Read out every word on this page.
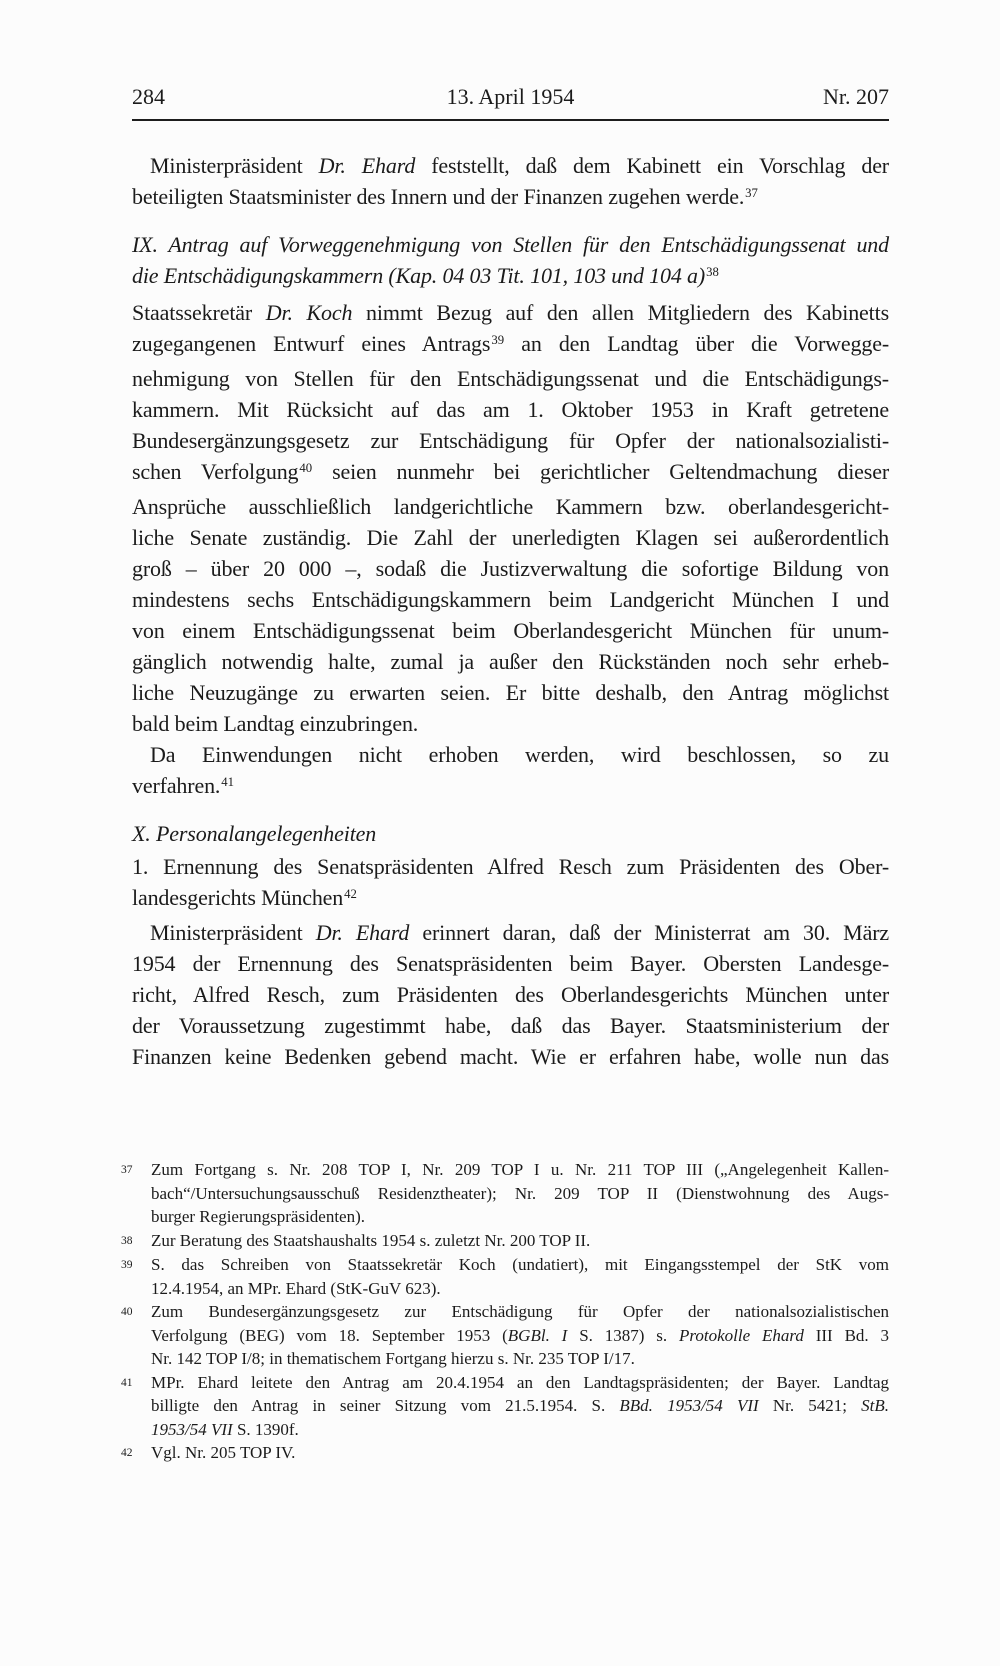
284	13. April 1954	Nr. 207
Ministerpräsident Dr. Ehard feststellt, daß dem Kabinett ein Vorschlag der
beteiligten Staatsminister des Innern und der Finanzen zugehen werde.$^{37}$
IX. Antrag auf Vorweggenehmigung von Stellen für den Entschädigungssenat und
die Entschädigungskammern (Kap. 04 03 Tit. 101, 103 und 104 a)$^{38}$
Staatssekretär Dr. Koch nimmt Bezug auf den allen Mitgliedern des Kabinetts
zugegangenen Entwurf eines Antrags$^{39}$ an den Landtag über die Vorwegge-
nehmigung von Stellen für den Entschädigungssenat und die Entschädigungs-
kammern. Mit Rücksicht auf das am 1. Oktober 1953 in Kraft getretene
Bundesergänzungsgesetz zur Entschädigung für Opfer der nationalsozialisti-
schen Verfolgung$^{40}$ seien nunmehr bei gerichtlicher Geltendmachung dieser
Ansprüche ausschließlich landgerichtliche Kammern bzw. oberlandesgericht-
liche Senate zuständig. Die Zahl der unerledigten Klagen sei außerordentlich
groß – über 20 000 –, sodaß die Justizverwaltung die sofortige Bildung von
mindestens sechs Entschädigungskammern beim Landgericht München I und
von einem Entschädigungssenat beim Oberlandesgericht München für unum-
gänglich notwendig halte, zumal ja außer den Rückständen noch sehr erheb-
liche Neuzugänge zu erwarten seien. Er bitte deshalb, den Antrag möglichst
bald beim Landtag einzubringen.
Da Einwendungen nicht erhoben werden, wird beschlossen, so zu
verfahren.$^{41}$
X. Personalangelegenheiten
1. Ernennung des Senatspräsidenten Alfred Resch zum Präsidenten des Ober-
landesgerichts München$^{42}$
Ministerpräsident Dr. Ehard erinnert daran, daß der Ministerrat am 30. März
1954 der Ernennung des Senatspräsidenten beim Bayer. Obersten Landesge-
richt, Alfred Resch, zum Präsidenten des Oberlandesgerichts München unter
der Voraussetzung zugestimmt habe, daß das Bayer. Staatsministerium der
Finanzen keine Bedenken gebend macht. Wie er erfahren habe, wolle nun das
37	Zum Fortgang s. Nr. 208 TOP I, Nr. 209 TOP I u. Nr. 211 TOP III („Angelegenheit Kallen-
bach“/Untersuchungsausschuß Residenztheater); Nr. 209 TOP II (Dienstwohnung des Augs-
burger Regierungspräsidenten).
38	Zur Beratung des Staatshaushalts 1954 s. zuletzt Nr. 200 TOP II.
39	S. das Schreiben von Staatssekretär Koch (undatiert), mit Eingangsstempel der StK vom
12.4.1954, an MPr. Ehard (StK-GuV 623).
40	Zum Bundesergänzungsgesetz zur Entschädigung für Opfer der nationalsozialistischen
Verfolgung (BEG) vom 18. September 1953 (BGBl. I S. 1387) s. Protokolle Ehard III Bd. 3
Nr. 142 TOP I/8; in thematischem Fortgang hierzu s. Nr. 235 TOP I/17.
41	MPr. Ehard leitete den Antrag am 20.4.1954 an den Landtagspräsidenten; der Bayer. Landtag
billigte den Antrag in seiner Sitzung vom 21.5.1954. S. BBd. 1953/54 VII Nr. 5421; StB.
1953/54 VII S. 1390f.
42	Vgl. Nr. 205 TOP IV.
